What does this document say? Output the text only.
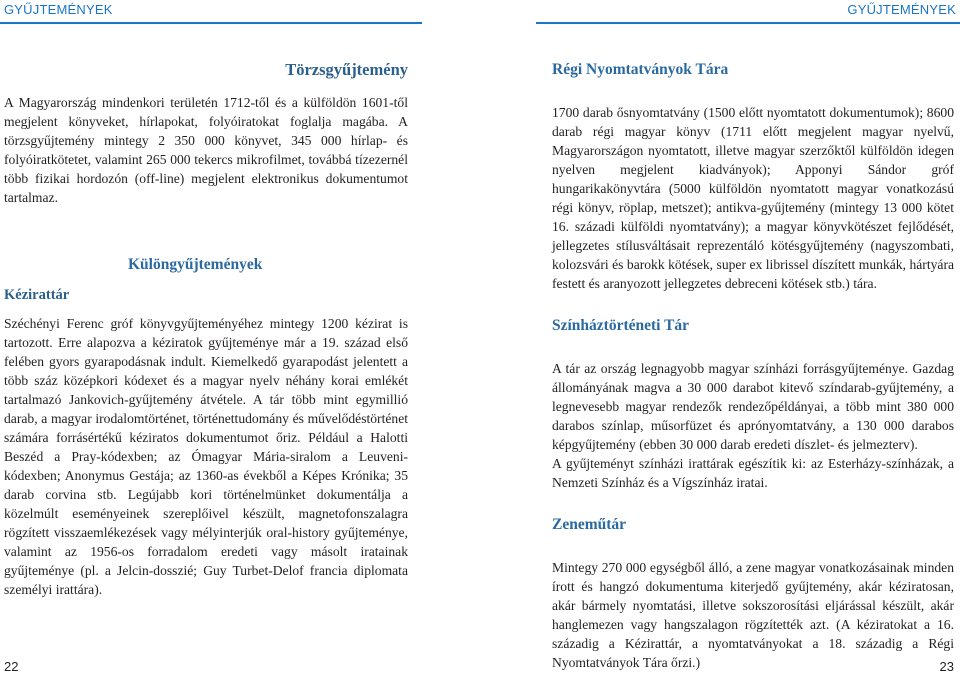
GYŰJTEMÉNYEK	GYŰJTEMÉNYEK
Törzsgyűjtemény

A Magyarország mindenkori területén 1712-től és a külföldön 1601-től megjelent könyveket, hírlapokat, folyóiratokat foglalja magába. A törzsgyűjtemény mintegy 2 350 000 könyvet, 345 000 hírlap- és folyóiratkötetet, valamint 265 000 tekercs mikrofilmet, továbbá tízezernél több fizikai hordozón (off-line) megjelent elektronikus dokumentumot tartalmaz.

Különgyűjtemények
Kézirattár

Széchényi Ferenc gróf könyvgyűjteményéhez mintegy 1200 kézirat is tartozott. Erre alapozva a kéziratok gyűjteménye már a 19. század első felében gyors gyarapodásnak indult. Kiemelkedő gyarapodást jelentett a több száz középkori kódexet és a magyar nyelv néhány korai emlékét tartalmazó Jankovich-gyűjtemény átvétele. A tár több mint egymillió darab, a magyar irodalomtörténet, történettudomány és művelődéstörténet számára forrásértékű kéziratos dokumentumot őriz. Például a Halotti Beszéd a Pray-kódexben; az Ómagyar Mária-siralom a Leuveni-kódexben; Anonymus Gestája; az 1360-as évekből a Képes Krónika; 35 darab corvina stb. Legújabb kori történelmünket dokumentálja a közelmúlt eseményeinek szereplőivel készült, magnetofonszalagra rögzített visszaemlékezések vagy mélyinterjúk oral-history gyűjteménye, valamint az 1956-os forradalom eredeti vagy másolt iratainak gyűjteménye (pl. a Jelcin-dosszié; Guy Turbet-Delof francia diplomata személyi irattára).

Régi Nyomtatványok Tára

1700 darab ősnyomtatvány (1500 előtt nyomtatott dokumentumok); 8600 darab régi magyar könyv (1711 előtt megjelent magyar nyelvű, Magyarországon nyomtatott, illetve magyar szerzőktől külföldön idegen nyelven megjelent kiadványok); Apponyi Sándor gróf hungarikakönyvtára (5000 külföldön nyomtatott magyar vonatkozású régi könyv, röplap, metszet); antikva-gyűjtemény (mintegy 13 000 kötet 16. századi külföldi nyomtatvány); a magyar könyvkötészet fejlődését, jellegzetes stílusváltásait reprezentáló kötésgyűjtemény (nagyszombati, kolozsvári és barokk kötések, super ex librissel díszített munkák, hártyára festett és aranyozott jellegzetes debreceni kötések stb.) tára.

Színháztörténeti Tár

A tár az ország legnagyobb magyar színházi forrásgyűjteménye. Gazdag állományának magva a 30 000 darabot kitevő színdarab-gyűjtemény, a legnevesebb magyar rendezők rendezőpéldányai, a több mint 380 000 darabos színlap, műsorfüzet és aprónyomtatvány, a 130 000 darabos képgyűjtemény (ebben 30 000 darab eredeti díszlet- és jelmezterv).

A gyűjteményt színházi irattárak egészítik ki: az Esterházy-színházak, a Nemzeti Színház és a Vígszínház iratai.

Zeneműtár

Mintegy 270 000 egységből álló, a zene magyar vonatkozásainak minden írott és hangzó dokumentuma kiterjedő gyűjtemény, akár kéziratosan, akár bármely nyomtatási, illetve sokszorosítási eljárással készült, akár hanglemezen vagy hangszalagon rögzítették azt. (A kéziratokat a 16. századig a Kézirattár, a nyomtatványokat a 18. századig a Régi Nyomtatványok Tára őrzi.)

22	23
